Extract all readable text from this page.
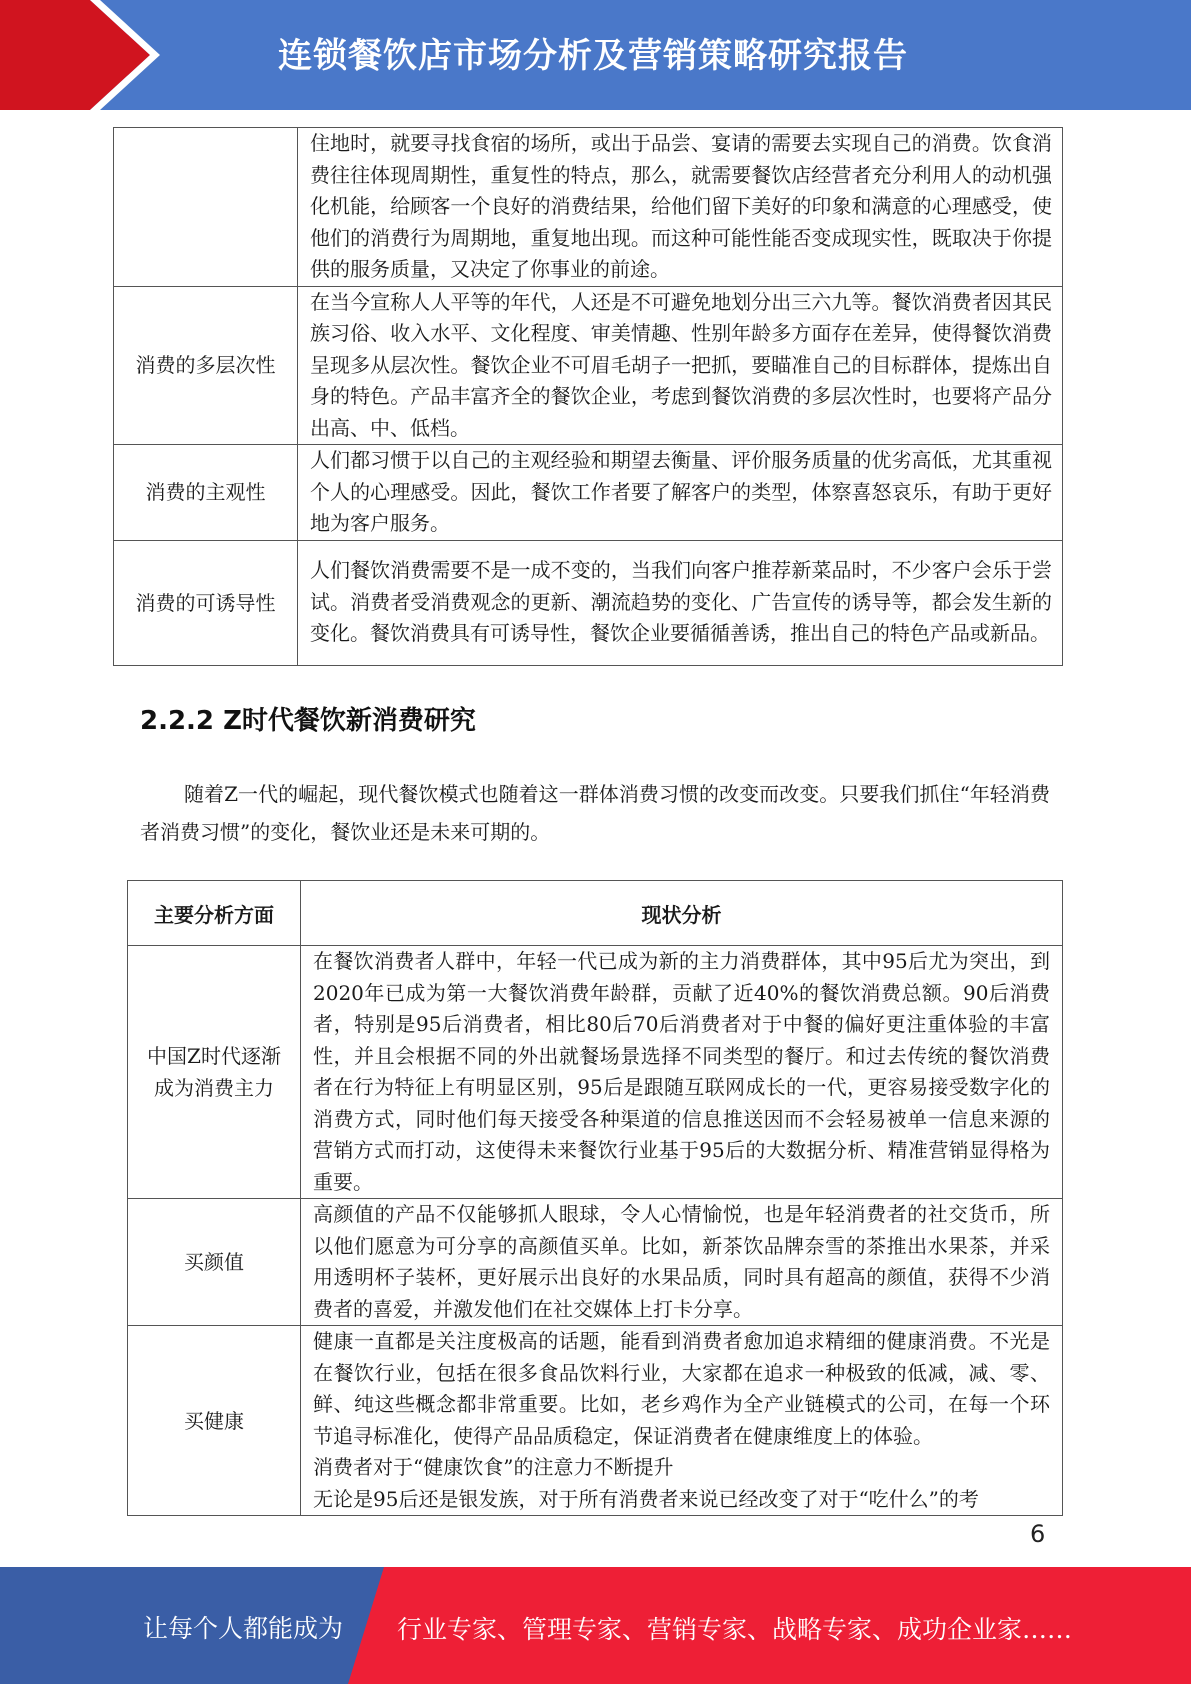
连锁餐饮店市场分析及营销策略研究报告
	住地时，就要寻找食宿的场所，或出于品尝、宴请的需要去实现自己的消费。饮食消费往往体现周期性，重复性的特点，那么，就需要餐饮店经营者充分利用人的动机强化机能，给顾客一个良好的消费结果，给他们留下美好的印象和满意的心理感受，使他们的消费行为周期地，重复地出现。而这种可能性能否变成现实性，既取决于你提供的服务质量，又决定了你事业的前途。
消费的多层次性	在当今宣称人人平等的年代，人还是不可避免地划分出三六九等。餐饮消费者因其民族习俗、收入水平、文化程度、审美情趣、性别年龄多方面存在差异，使得餐饮消费呈现多从层次性。餐饮企业不可眉毛胡子一把抓，要瞄准自己的目标群体，提炼出自身的特色。产品丰富齐全的餐饮企业，考虑到餐饮消费的多层次性时，也要将产品分出高、中、低档。
消费的主观性	人们都习惯于以自己的主观经验和期望去衡量、评价服务质量的优劣高低，尤其重视个人的心理感受。因此，餐饮工作者要了解客户的类型，体察喜怒哀乐，有助于更好地为客户服务。
消费的可诱导性	人们餐饮消费需要不是一成不变的，当我们向客户推荐新菜品时，不少客户会乐于尝试。消费者受消费观念的更新、潮流趋势的变化、广告宣传的诱导等，都会发生新的变化。餐饮消费具有可诱导性，餐饮企业要循循善诱，推出自己的特色产品或新品。
2.2.2 Z时代餐饮新消费研究
随着Z一代的崛起，现代餐饮模式也随着这一群体消费习惯的改变而改变。只要我们抓住“年轻消费者消费习惯”的变化，餐饮业还是未来可期的。
主要分析方面	现状分析
中国Z时代逐渐成为消费主力	在餐饮消费者人群中，年轻一代已成为新的主力消费群体，其中95后尤为突出，到2020年已成为第一大餐饮消费年龄群，贡献了近40%的餐饮消费总额。90后消费者，特别是95后消费者，相比80后70后消费者对于中餐的偏好更注重体验的丰富性，并且会根据不同的外出就餐场景选择不同类型的餐厅。和过去传统的餐饮消费者在行为特征上有明显区别，95后是跟随互联网成长的一代，更容易接受数字化的消费方式，同时他们每天接受各种渠道的信息推送因而不会轻易被单一信息来源的营销方式而打动，这使得未来餐饮行业基于95后的大数据分析、精准营销显得格为重要。
买颜值	高颜值的产品不仅能够抓人眼球，令人心情愉悦，也是年轻消费者的社交货币，所以他们愿意为可分享的高颜值买单。比如，新茶饮品牌奈雪的茶推出水果茶，并采用透明杯子装杯，更好展示出良好的水果品质，同时具有超高的颜值，获得不少消费者的喜爱，并激发他们在社交媒体上打卡分享。
买健康	健康一直都是关注度极高的话题，能看到消费者愈加追求精细的健康消费。不光是在餐饮行业，包括在很多食品饮料行业，大家都在追求一种极致的低减，减、零、鲜、纯这些概念都非常重要。比如，老乡鸡作为全产业链模式的公司，在每一个环节追寻标准化，使得产品品质稳定，保证消费者在健康维度上的体验。
消费者对于“健康饮食”的注意力不断提升
无论是95后还是银发族，对于所有消费者来说已经改变了对于“吃什么”的考
6
让每个人都能成为 行业专家、管理专家、营销专家、战略专家、成功企业家……
